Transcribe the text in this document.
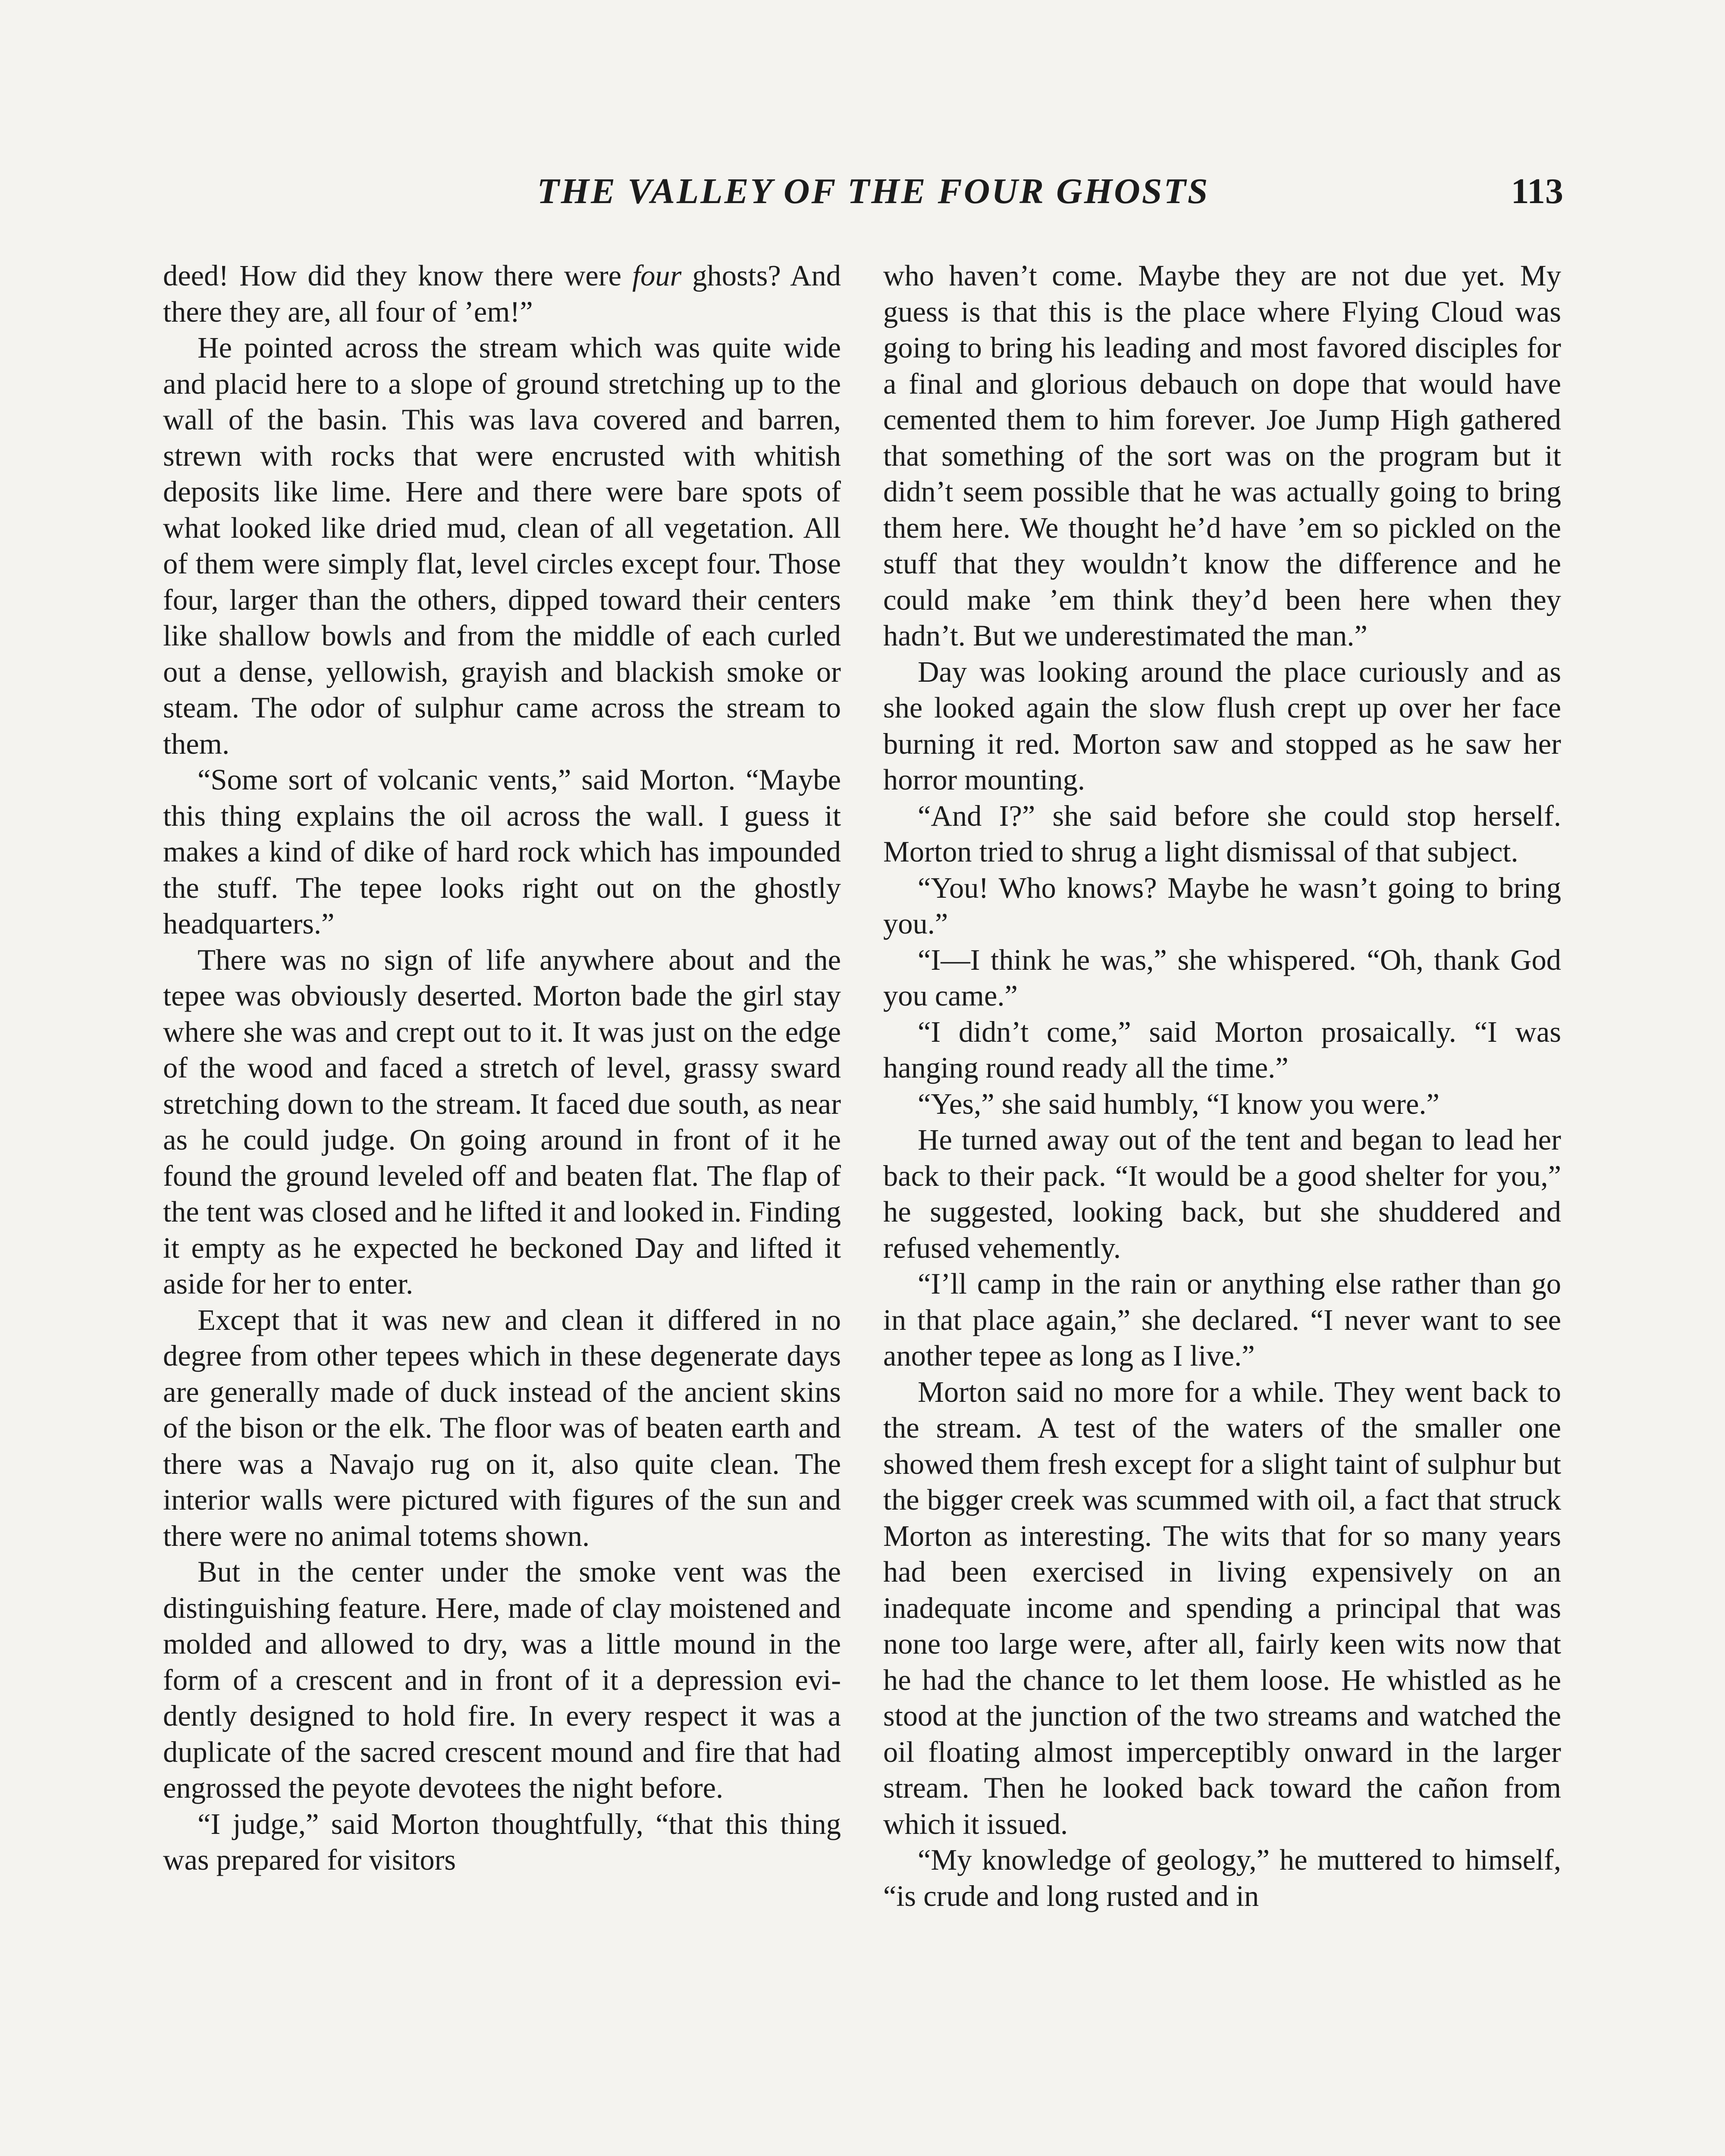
THE VALLEY OF THE FOUR GHOSTS	113

deed! How did they know there were four ghosts? And there they are, all four of ’em!”

He pointed across the stream which was quite wide and placid here to a slope of ground stretching up to the wall of the basin. This was lava covered and barren, strewn with rocks that were encrusted with whitish deposits like lime. Here and there were bare spots of what looked like dried mud, clean of all vegetation. All of them were simply flat, level circles except four. Those four, larger than the others, dipped toward their centers like shallow bowls and from the middle of each curled out a dense, yellowish, grayish and blackish smoke or steam. The odor of sulphur came across the stream to them.

“Some sort of volcanic vents,” said Morton. “Maybe this thing explains the oil across the wall. I guess it makes a kind of dike of hard rock which has impounded the stuff. The tepee looks right out on the ghostly headquarters.”

There was no sign of life anywhere about and the tepee was obviously deserted. Morton bade the girl stay where she was and crept out to it. It was just on the edge of the wood and faced a stretch of level, grassy sward stretching down to the stream. It faced due south, as near as he could judge. On going around in front of it he found the ground leveled off and beaten flat. The flap of the tent was closed and he lifted it and looked in. Finding it empty as he expected he beckoned Day and lifted it aside for her to enter.

Except that it was new and clean it differed in no degree from other tepees which in these degenerate days are generally made of duck instead of the ancient skins of the bison or the elk. The floor was of beaten earth and there was a Navajo rug on it, also quite clean. The interior walls were pictured with figures of the sun and there were no animal totems shown.

But in the center under the smoke vent was the distinguishing feature. Here, made of clay moistened and molded and allowed to dry, was a little mound in the form of a crescent and in front of it a depression evidently designed to hold fire. In every respect it was a duplicate of the sacred crescent mound and fire that had engrossed the peyote devotees the night before.

“I judge,” said Morton thoughtfully, “that this thing was prepared for visitors

who haven’t come. Maybe they are not due yet. My guess is that this is the place where Flying Cloud was going to bring his leading and most favored disciples for a final and glorious debauch on dope that would have cemented them to him forever. Joe Jump High gathered that something of the sort was on the program but it didn’t seem possible that he was actually going to bring them here. We thought he’d have ’em so pickled on the stuff that they wouldn’t know the difference and he could make ’em think they’d been here when they hadn’t. But we underestimated the man.”

Day was looking around the place curiously and as she looked again the slow flush crept up over her face burning it red. Morton saw and stopped as he saw her horror mounting.

“And I?” she said before she could stop herself. Morton tried to shrug a light dismissal of that subject.

“You! Who knows? Maybe he wasn’t going to bring you.”

“I—I think he was,” she whispered. “Oh, thank God you came.”

“I didn’t come,” said Morton prosaically. “I was hanging round ready all the time.”

“Yes,” she said humbly, “I know you were.”

He turned away out of the tent and began to lead her back to their pack. “It would be a good shelter for you,” he suggested, looking back, but she shuddered and refused vehemently.

“I’ll camp in the rain or anything else rather than go in that place again,” she declared. “I never want to see another tepee as long as I live.”

Morton said no more for a while. They went back to the stream. A test of the waters of the smaller one showed them fresh except for a slight taint of sulphur but the bigger creek was scummed with oil, a fact that struck Morton as interesting. The wits that for so many years had been exercised in living expensively on an inadequate income and spending a principal that was none too large were, after all, fairly keen wits now that he had the chance to let them loose. He whistled as he stood at the junction of the two streams and watched the oil floating almost imperceptibly onward in the larger stream. Then he looked back toward the cañon from which it issued.

“My knowledge of geology,” he muttered to himself, “is crude and long rusted and in
